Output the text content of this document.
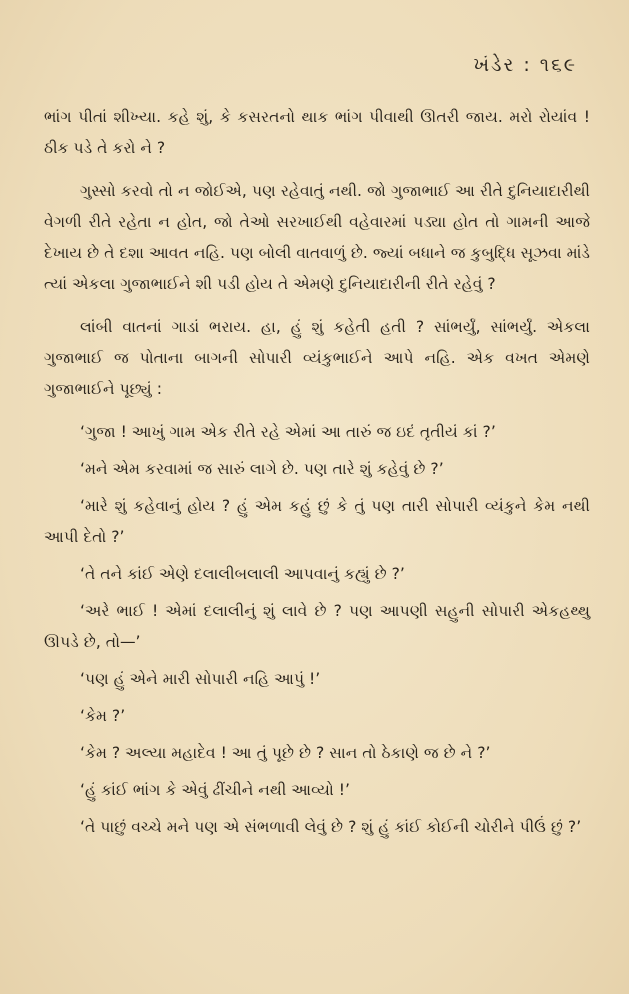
ખંડેર : ૧૬૯

ભાંગ પીતાં શીખ્યા. કહે શું, કે કસરતનો થાક ભાંગ પીવાથી ઊતરી જાય. મરો રોયાંવ ! ઠીક પડે તે કરો ને ?

ગુસ્સો કરવો તો ન જોઈએ, પણ રહેવાતું નથી. જો ગુજાભાઈ આ રીતે દુનિયાદારીથી વેગળી રીતે રહેતા ન હોત, જો તેઓ સરખાઈથી વહેવારમાં પડ્યા હોત તો ગામની આજે દેખાય છે તે દશા આવત નહિ. પણ બોલી વાતવાળું છે. જ્યાં બધાને જ કુબુદ્ધિ સૂઝવા માંડે ત્યાં એકલા ગુજાભાઈને શી પડી હોય તે એમણે દુનિયાદારીની રીતે રહેવું ?

લાંબી વાતનાં ગાડાં ભરાય. હા, હું શું કહેતી હતી ? સાંભર્યું, સાંભર્યું. એકલા ગુજાભાઈ જ પોતાના બાગની સોપારી વ્યંકુભાઈને આપે નહિ. એક વખત એમણે ગુજાભાઈને પૂછ્યું :

‘ગુજા ! આખું ગામ એક રીતે રહે એમાં આ તારું જ ઇદં તૃતીયં કાં ?’

‘મને એમ કરવામાં જ સારું લાગે છે. પણ તારે શું કહેવું છે ?’

‘મારે શું કહેવાનું હોય ? હું એમ કહું છું કે તું પણ તારી સોપારી વ્યંકુને કેમ નથી આપી દેતો ?’

‘તે તને કાંઈ એણે દલાલીબલાલી આપવાનું કહ્યું છે ?’

‘અરે ભાઈ ! એમાં દલાલીનું શું લાવે છે ? પણ આપણી સહુની સોપારી એકહથ્થુ ઊપડે છે, તો—’

‘પણ હું એને મારી સોપારી નહિ આપું !’

‘કેમ ?’

‘કેમ ? અલ્યા મહાદેવ ! આ તું પૂછે છે ? સાન તો ઠેકાણે જ છે ને ?’

‘હું કાંઈ ભાંગ કે એવું ઢીંચીને નથી આવ્યો !’

‘તે પાછું વચ્ચે મને પણ એ સંભળાવી લેવું છે ? શું હું કાંઈ કોઈની ચોરીને પીઉં છું ?’
